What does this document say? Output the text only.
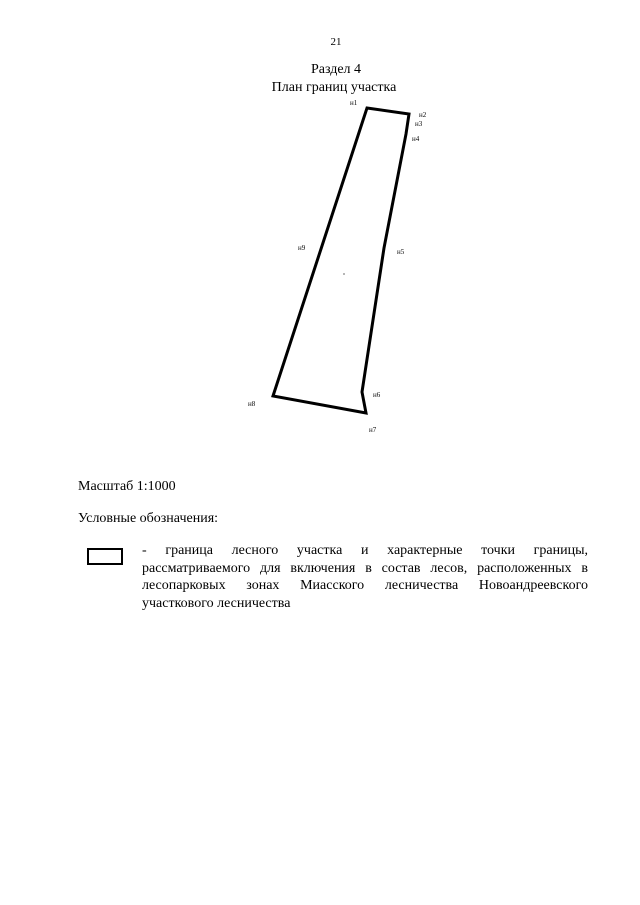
21
Раздел 4
План границ участка
н1
н2
н3
н4
н5
н6
н7
н8
н9
Масштаб 1:1000
Условные обозначения:
- граница лесного участка и характерные точки границы, рассматриваемого для включения в состав лесов, расположенных в лесопарковых зонах Миасского лесничества Новоандреевского участкового лесничества
